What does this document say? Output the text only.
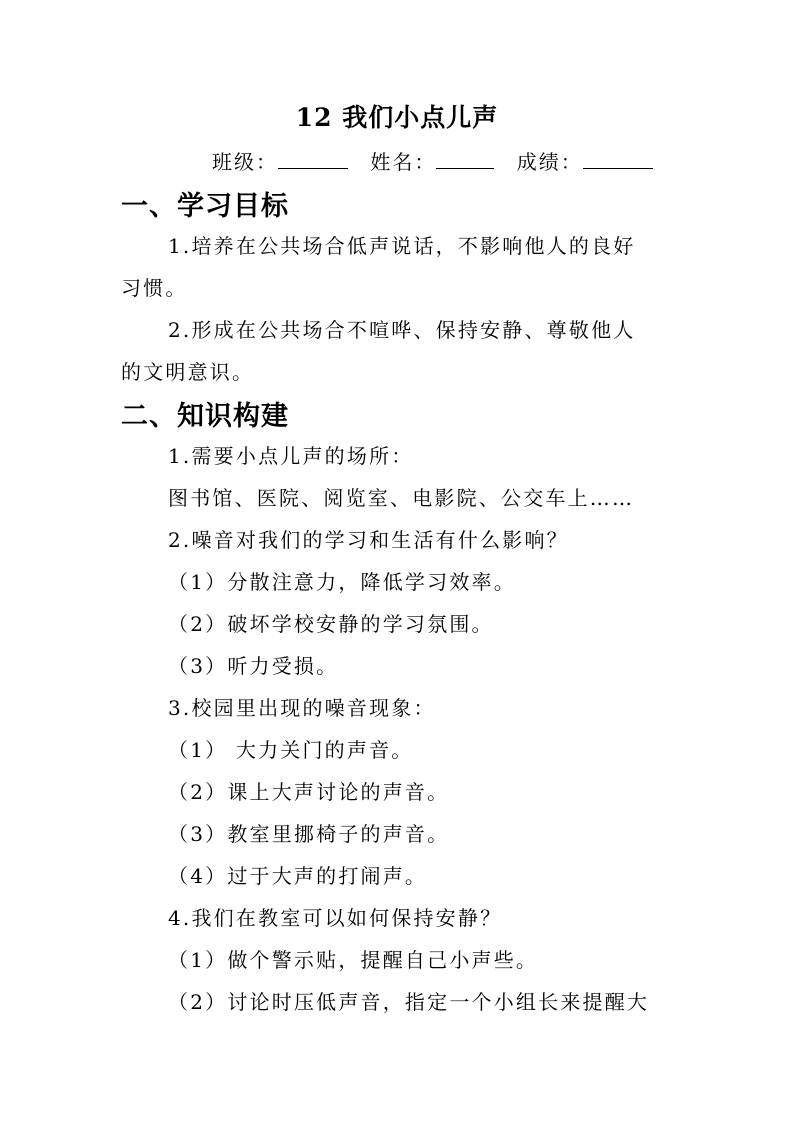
12 我们小点儿声
班级：	姓名：	成绩：
一、学习目标
1.培养在公共场合低声说话，不影响他人的良好
习惯。
2.形成在公共场合不喧哗、保持安静、尊敬他人
的文明意识。
二、知识构建
1.需要小点儿声的场所：
图书馆、医院、阅览室、电影院、公交车上……
2.噪音对我们的学习和生活有什么影响？
（1）分散注意力，降低学习效率。
（2）破坏学校安静的学习氛围。
（3）听力受损。
3.校园里出现的噪音现象：
（1） 大力关门的声音。
（2）课上大声讨论的声音。
（3）教室里挪椅子的声音。
（4）过于大声的打闹声。
4.我们在教室可以如何保持安静？
（1）做个警示贴，提醒自己小声些。
（2）讨论时压低声音，指定一个小组长来提醒大
